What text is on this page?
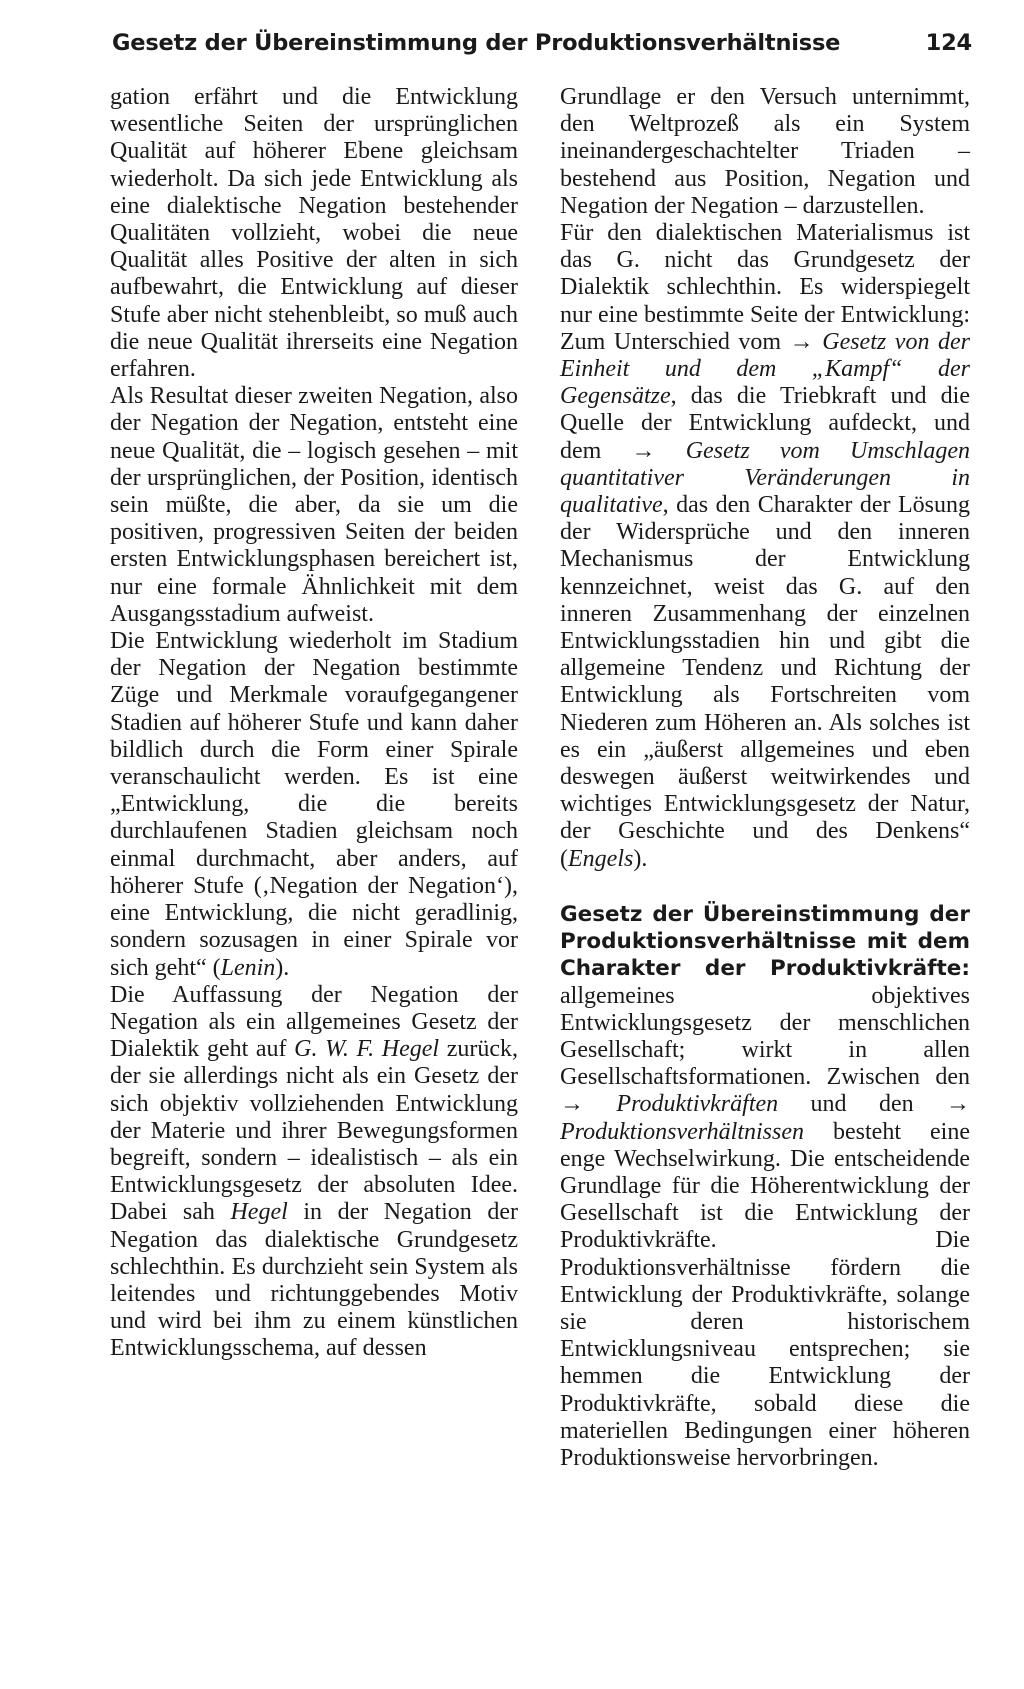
Gesetz der Übereinstimmung der Produktionsverhältnisse	124

gation erfährt und die Entwicklung wesentliche Seiten der ursprünglichen Qualität auf höherer Ebene gleichsam wiederholt. Da sich jede Entwicklung als eine dialektische Negation bestehender Qualitäten vollzieht, wobei die neue Qualität alles Positive der alten in sich aufbewahrt, die Entwicklung auf dieser Stufe aber nicht stehenbleibt, so muß auch die neue Qualität ihrerseits eine Negation erfahren.

Als Resultat dieser zweiten Negation, also der Negation der Negation, entsteht eine neue Qualität, die – logisch gesehen – mit der ursprünglichen, der Position, identisch sein müßte, die aber, da sie um die positiven, progressiven Seiten der beiden ersten Entwicklungsphasen bereichert ist, nur eine formale Ähnlichkeit mit dem Ausgangsstadium aufweist.

Die Entwicklung wiederholt im Stadium der Negation der Negation bestimmte Züge und Merkmale voraufgegangener Stadien auf höherer Stufe und kann daher bildlich durch die Form einer Spirale veranschaulicht werden. Es ist eine „Entwicklung, die die bereits durchlaufenen Stadien gleichsam noch einmal durchmacht, aber anders, auf höherer Stufe (‚Negation der Negation‘), eine Entwicklung, die nicht geradlinig, sondern sozusagen in einer Spirale vor sich geht“ (Lenin).

Die Auffassung der Negation der Negation als ein allgemeines Gesetz der Dialektik geht auf G. W. F. Hegel zurück, der sie allerdings nicht als ein Gesetz der sich objektiv vollziehenden Entwicklung der Materie und ihrer Bewegungsformen begreift, sondern – idealistisch – als ein Entwicklungsgesetz der absoluten Idee. Dabei sah Hegel in der Negation der Negation das dialektische Grundgesetz schlechthin. Es durchzieht sein System als leitendes und richtunggebendes Motiv und wird bei ihm zu einem künstlichen Entwicklungsschema, auf dessen

Grundlage er den Versuch unternimmt, den Weltprozeß als ein System ineinandergeschachtelter Triaden – bestehend aus Position, Negation und Negation der Negation – darzustellen.

Für den dialektischen Materialismus ist das G. nicht das Grundgesetz der Dialektik schlechthin. Es widerspiegelt nur eine bestimmte Seite der Entwicklung: Zum Unterschied vom → Gesetz von der Einheit und dem „Kampf“ der Gegensätze, das die Triebkraft und die Quelle der Entwicklung aufdeckt, und dem → Gesetz vom Umschlagen quantitativer Veränderungen in qualitative, das den Charakter der Lösung der Widersprüche und den inneren Mechanismus der Entwicklung kennzeichnet, weist das G. auf den inneren Zusammenhang der einzelnen Entwicklungsstadien hin und gibt die allgemeine Tendenz und Richtung der Entwicklung als Fortschreiten vom Niederen zum Höheren an. Als solches ist es ein „äußerst allgemeines und eben deswegen äußerst weitwirkendes und wichtiges Entwicklungsgesetz der Natur, der Geschichte und des Denkens“ (Engels).

Gesetz der Übereinstimmung der Produktionsverhältnisse mit dem Charakter der Produktivkräfte: allgemeines objektives Entwicklungsgesetz der menschlichen Gesellschaft; wirkt in allen Gesellschaftsformationen. Zwischen den → Produktivkräften und den → Produktionsverhältnissen besteht eine enge Wechselwirkung. Die entscheidende Grundlage für die Höherentwicklung der Gesellschaft ist die Entwicklung der Produktivkräfte. Die Produktionsverhältnisse fördern die Entwicklung der Produktivkräfte, solange sie deren historischem Entwicklungsniveau entsprechen; sie hemmen die Entwicklung der Produktivkräfte, sobald diese die materiellen Bedingungen einer höheren Produktionsweise hervorbringen.
